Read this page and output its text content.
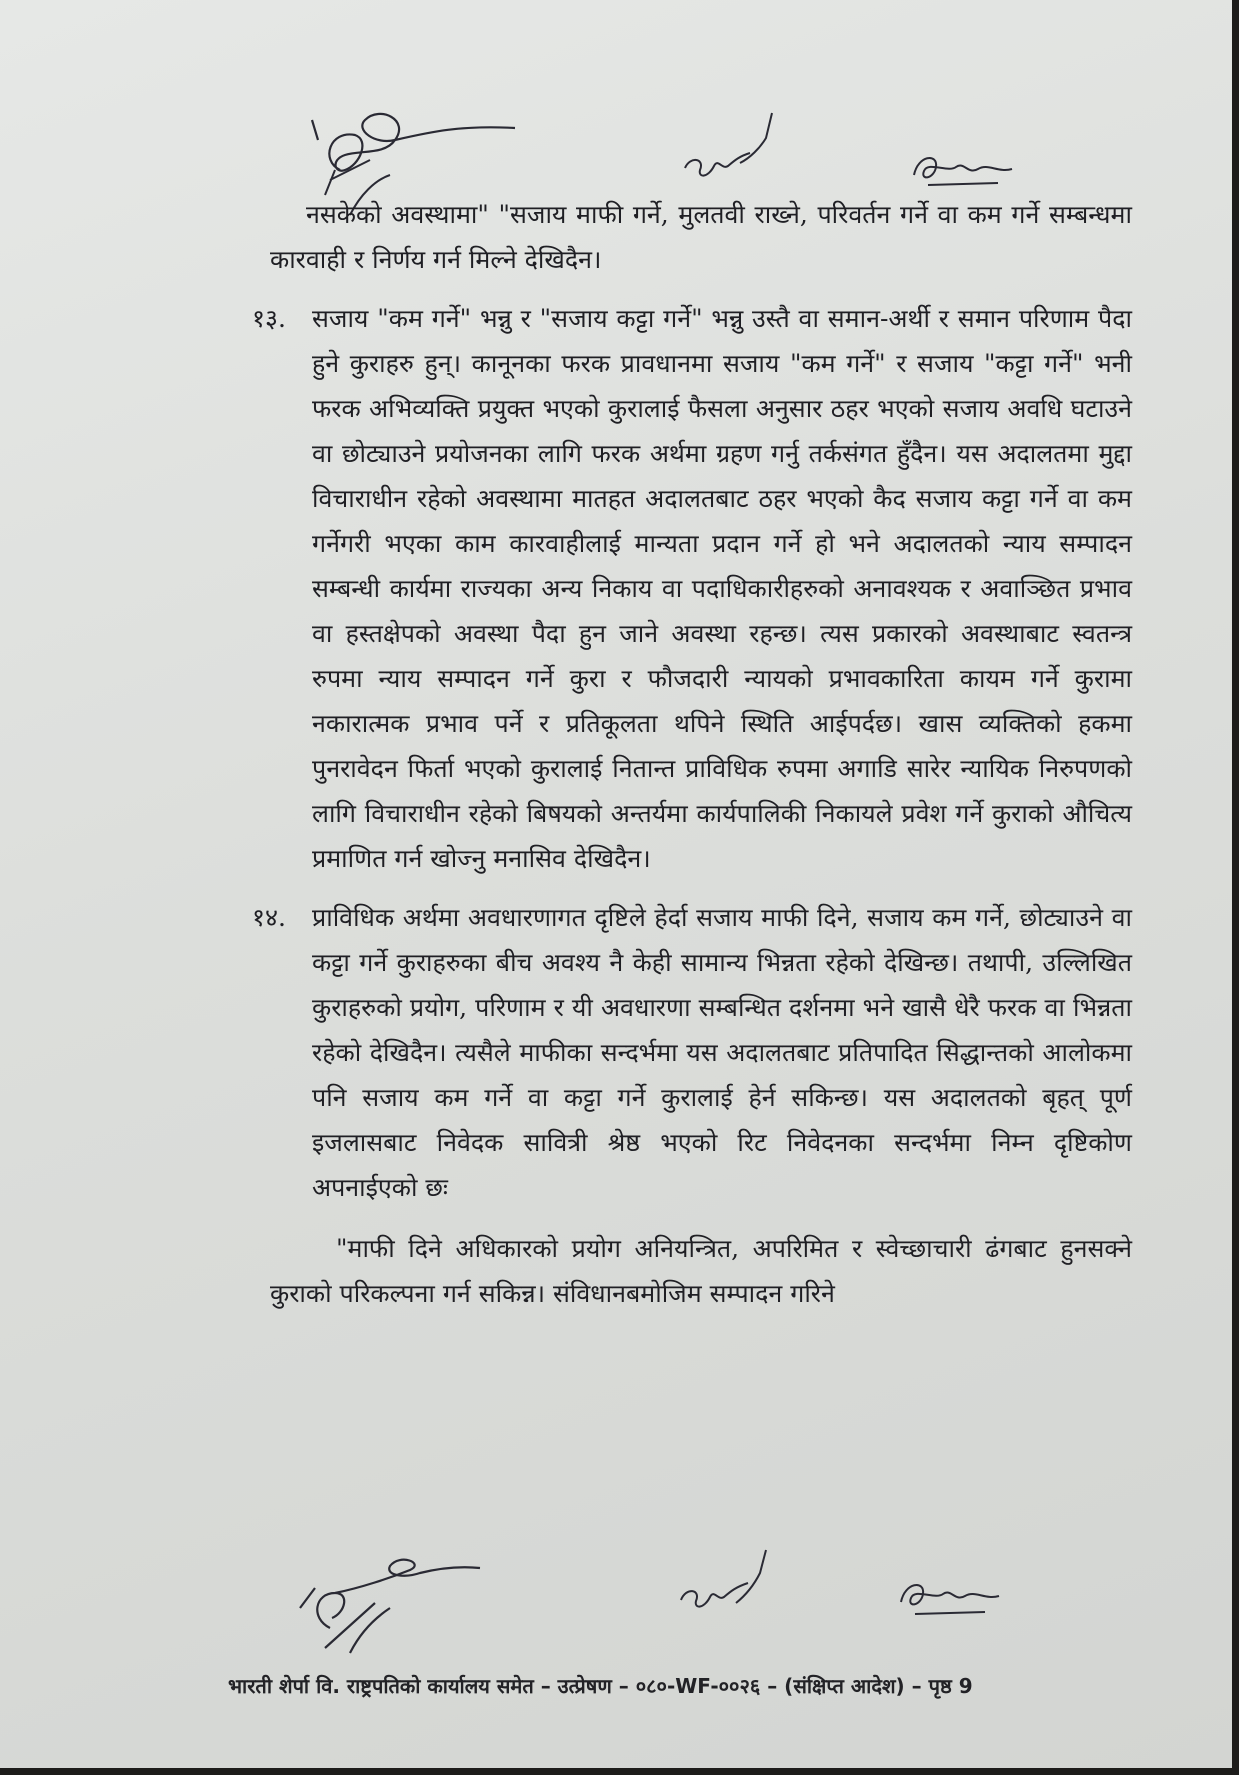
नसकेको अवस्थामा" "सजाय माफी गर्ने, मुलतवी राख्ने, परिवर्तन गर्ने वा कम गर्ने सम्बन्धमा कारवाही र निर्णय गर्न मिल्ने देखिदैन।

१३.	सजाय "कम गर्ने" भन्नु र "सजाय कट्टा गर्ने" भन्नु उस्तै वा समान-अर्थी र समान परिणाम पैदा हुने कुराहरु हुन्। कानूनका फरक प्रावधानमा सजाय "कम गर्ने" र सजाय "कट्टा गर्ने" भनी फरक अभिव्यक्ति प्रयुक्त भएको कुरालाई फैसला अनुसार ठहर भएको सजाय अवधि घटाउने वा छोट्याउने प्रयोजनका लागि फरक अर्थमा ग्रहण गर्नु तर्कसंगत हुँदैन। यस अदालतमा मुद्दा विचाराधीन रहेको अवस्थामा मातहत अदालतबाट ठहर भएको कैद सजाय कट्टा गर्ने वा कम गर्नेगरी भएका काम कारवाहीलाई मान्यता प्रदान गर्ने हो भने अदालतको न्याय सम्पादन सम्बन्धी कार्यमा राज्यका अन्य निकाय वा पदाधिकारीहरुको अनावश्यक र अवाञ्छित प्रभाव वा हस्तक्षेपको अवस्था पैदा हुन जाने अवस्था रहन्छ। त्यस प्रकारको अवस्थाबाट स्वतन्त्र रुपमा न्याय सम्पादन गर्ने कुरा र फौजदारी न्यायको प्रभावकारिता कायम गर्ने कुरामा नकारात्मक प्रभाव पर्ने र प्रतिकूलता थपिने स्थिति आईपर्दछ। खास व्यक्तिको हकमा पुनरावेदन फिर्ता भएको कुरालाई नितान्त प्राविधिक रुपमा अगाडि सारेर न्यायिक निरुपणको लागि विचाराधीन रहेको बिषयको अन्तर्यमा कार्यपालिकी निकायले प्रवेश गर्ने कुराको औचित्य प्रमाणित गर्न खोज्नु मनासिव देखिदैन।
१४.	प्राविधिक अर्थमा अवधारणागत दृष्टिले हेर्दा सजाय माफी दिने, सजाय कम गर्ने, छोट्याउने वा कट्टा गर्ने कुराहरुका बीच अवश्य नै केही सामान्य भिन्नता रहेको देखिन्छ। तथापी, उल्लिखित कुराहरुको प्रयोग, परिणाम र यी अवधारणा सम्बन्धित दर्शनमा भने खासै धेरै फरक वा भिन्नता रहेको देखिदैन। त्यसैले माफीका सन्दर्भमा यस अदालतबाट प्रतिपादित सिद्धान्तको आलोकमा पनि सजाय कम गर्ने वा कट्टा गर्ने कुरालाई हेर्न सकिन्छ। यस अदालतको बृहत् पूर्ण इजलासबाट निवेदक सावित्री श्रेष्ठ भएको रिट निवेदनका सन्दर्भमा निम्न दृष्टिकोण अपनाईएको छः

"माफी दिने अधिकारको प्रयोग अनियन्त्रित, अपरिमित र स्वेच्छाचारी ढंगबाट हुनसक्ने कुराको परिकल्पना गर्न सकिन्न। संविधानबमोजिम सम्पादन गरिने

भारती शेर्पा वि. राष्ट्रपतिको कार्यालय समेत – उत्प्रेषण – ०८०-WF-००२६ – (संक्षिप्त आदेश) – पृष्ठ 9
